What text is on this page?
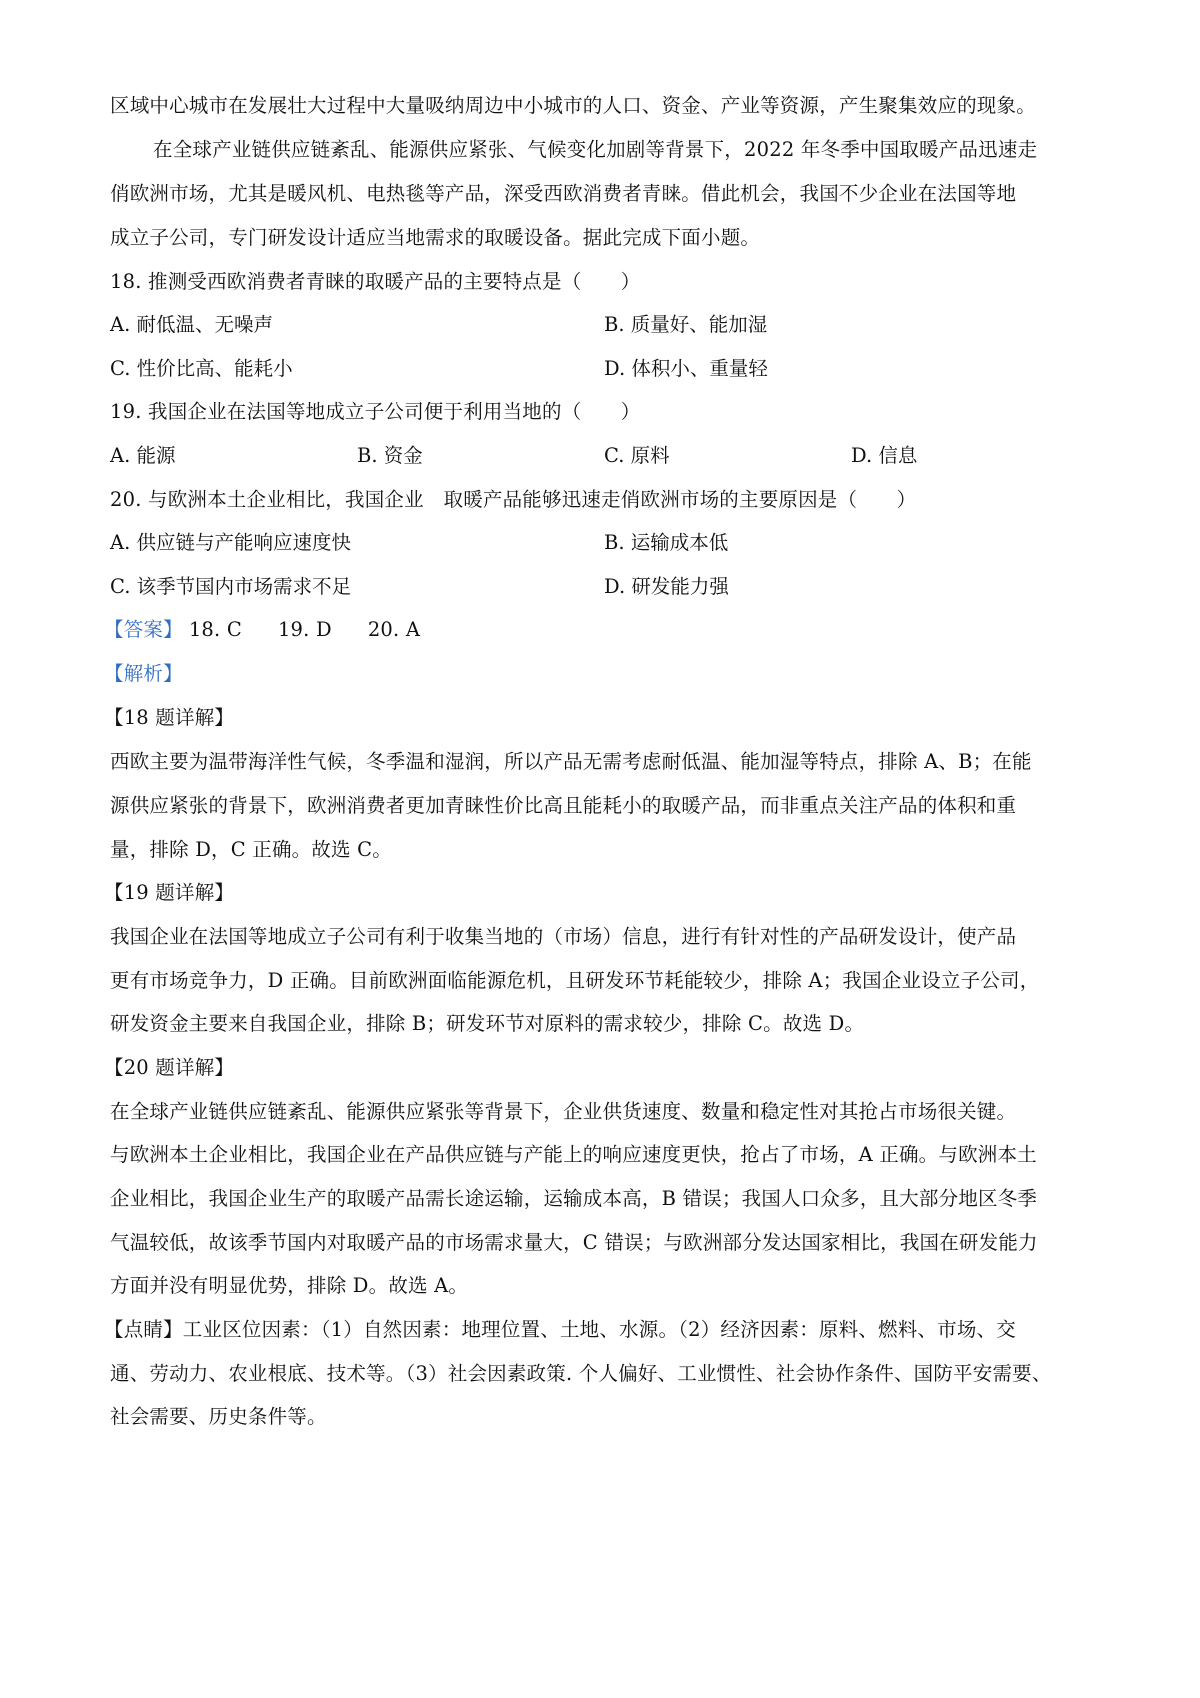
区域中心城市在发展壮大过程中大量吸纳周边中小城市的人口、资金、产业等资源，产生聚集效应的现象。
在全球产业链供应链紊乱、能源供应紧张、气候变化加剧等背景下，2022 年冬季中国取暖产品迅速走
俏欧洲市场，尤其是暖风机、电热毯等产品，深受西欧消费者青睐。借此机会，我国不少企业在法国等地
成立子公司，专门研发设计适应当地需求的取暖设备。据此完成下面小题。
18. 推测受西欧消费者青睐的取暖产品的主要特点是（　　）
A. 耐低温、无噪声	B. 质量好、能加湿
C. 性价比高、能耗小	D. 体积小、重量轻
19. 我国企业在法国等地成立子公司便于利用当地的（　　）
A. 能源	B. 资金	C. 原料	D. 信息
20. 与欧洲本土企业相比，我国企业　取暖产品能够迅速走俏欧洲市场的主要原因是（　　）
A. 供应链与产能响应速度快	B. 运输成本低
C. 该季节国内市场需求不足	D. 研发能力强
【答案】 18. C 19. D 20. A
【解析】
【18 题详解】
西欧主要为温带海洋性气候，冬季温和湿润，所以产品无需考虑耐低温、能加湿等特点，排除 A、B；在能
源供应紧张的背景下，欧洲消费者更加青睐性价比高且能耗小的取暖产品，而非重点关注产品的体积和重
量，排除 D，C 正确。故选 C。
【19 题详解】
我国企业在法国等地成立子公司有利于收集当地的（市场）信息，进行有针对性的产品研发设计，使产品
更有市场竞争力，D 正确。目前欧洲面临能源危机，且研发环节耗能较少，排除 A；我国企业设立子公司，
研发资金主要来自我国企业，排除 B；研发环节对原料的需求较少，排除 C。故选 D。
【20 题详解】
在全球产业链供应链紊乱、能源供应紧张等背景下，企业供货速度、数量和稳定性对其抢占市场很关键。
与欧洲本土企业相比，我国企业在产品供应链与产能上的响应速度更快，抢占了市场，A 正确。与欧洲本土
企业相比，我国企业生产的取暖产品需长途运输，运输成本高，B 错误；我国人口众多，且大部分地区冬季
气温较低，故该季节国内对取暖产品的市场需求量大，C 错误；与欧洲部分发达国家相比，我国在研发能力
方面并没有明显优势，排除 D。故选 A。
【点睛】工业区位因素：（1）自然因素：地理位置、土地、水源。（2）经济因素：原料、燃料、市场、交
通、劳动力、农业根底、技术等。（3）社会因素政策. 个人偏好、工业惯性、社会协作条件、国防平安需要、
社会需要、历史条件等。
